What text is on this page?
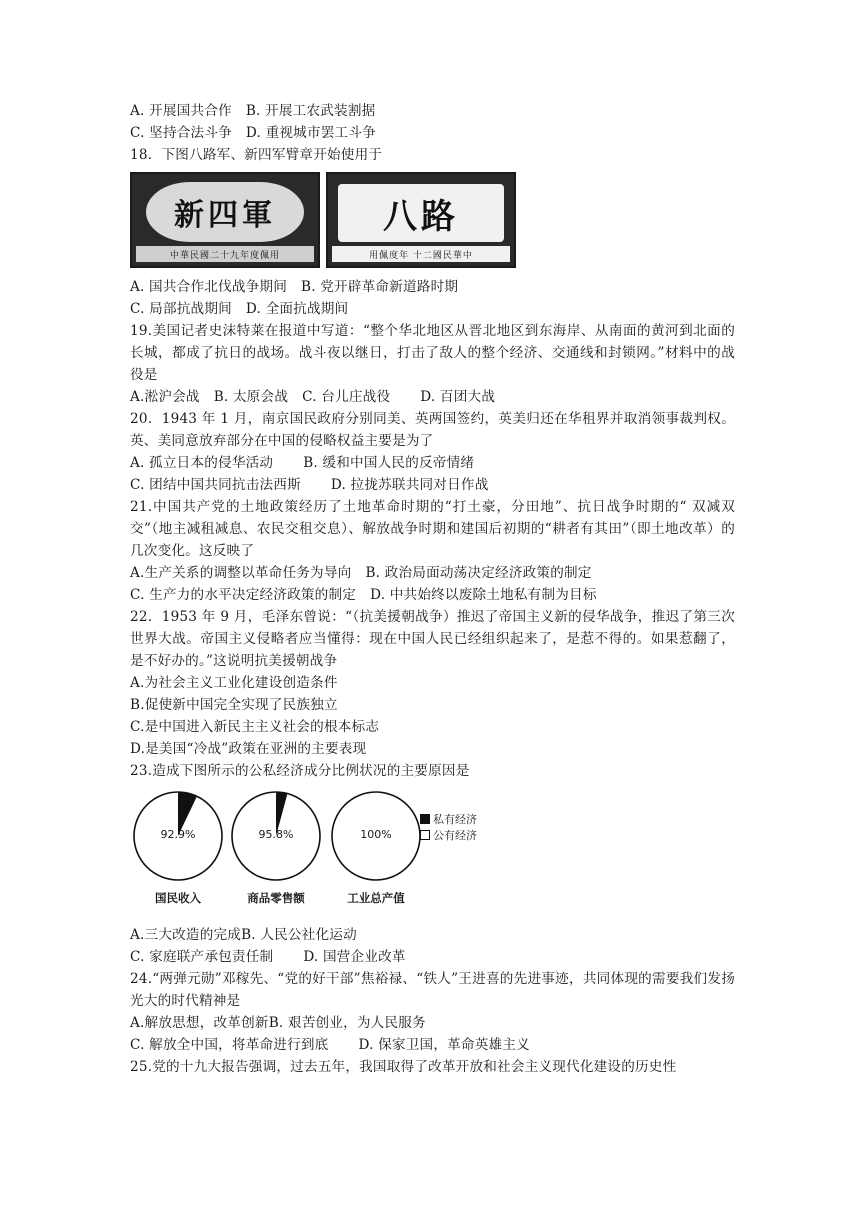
A. 开展国共合作 B. 开展工农武装割据
C. 坚持合法斗争 D. 重视城市罢工斗争
18．下图八路军、新四军臂章开始使用于
新四軍
中華民國二十九年度佩用
八路
用佩度年 十二國民華中
A. 国共合作北伐战争期间 B. 党开辟革命新道路时期
C. 局部抗战期间 D. 全面抗战期间
19.美国记者史沫特莱在报道中写道：“整个华北地区从晋北地区到东海岸、从南面的黄河到北面的长城，都成了抗日的战场。战斗夜以继日，打击了敌人的整个经济、交通线和封锁网。”材料中的战役是
A.淞沪会战 B. 太原会战 C. 台儿庄战役 D. 百团大战
20．1943 年 1 月，南京国民政府分别同美、英两国签约，英美归还在华租界并取消领事裁判权。英、美同意放弃部分在中国的侵略权益主要是为了
A. 孤立日本的侵华活动 B. 缓和中国人民的反帝情绪
C. 团结中国共同抗击法西斯 D. 拉拢苏联共同对日作战
21.中国共产党的土地政策经历了土地革命时期的“打土豪，分田地”、抗日战争时期的“ 双减双交”（地主减租减息、农民交租交息）、解放战争时期和建国后初期的“耕者有其田”（即土地改革）的几次变化。这反映了
A.生产关系的调整以革命任务为导向 B. 政治局面动荡决定经济政策的制定
C. 生产力的水平决定经济政策的制定 D. 中共始终以废除土地私有制为目标
22．1953 年 9 月，毛泽东曾说：“（抗美援朝战争）推迟了帝国主义新的侵华战争，推迟了第三次世界大战。帝国主义侵略者应当懂得：现在中国人民已经组织起来了，是惹不得的。如果惹翻了，是不好办的。”这说明抗美援朝战争
A.为社会主义工业化建设创造条件
B.促使新中国完全实现了民族独立
C.是中国进入新民主主义社会的根本标志
D.是美国“冷战”政策在亚洲的主要表现
23.造成下图所示的公私经济成分比例状况的主要原因是
私有经济
公有经济
92.9%
国民收入
95.8%
商品零售额
100%
工业总产值
A.三大改造的完成B. 人民公社化运动
C. 家庭联产承包责任制 D. 国营企业改革
24.“两弹元勋”邓稼先、“党的好干部”焦裕禄、“铁人”王进喜的先进事迹，共同体现的需要我们发扬光大的时代精神是
A.解放思想，改革创新B. 艰苦创业，为人民服务
C. 解放全中国，将革命进行到底 D. 保家卫国，革命英雄主义
25.党的十九大报告强调，过去五年，我国取得了改革开放和社会主义现代化建设的历史性
